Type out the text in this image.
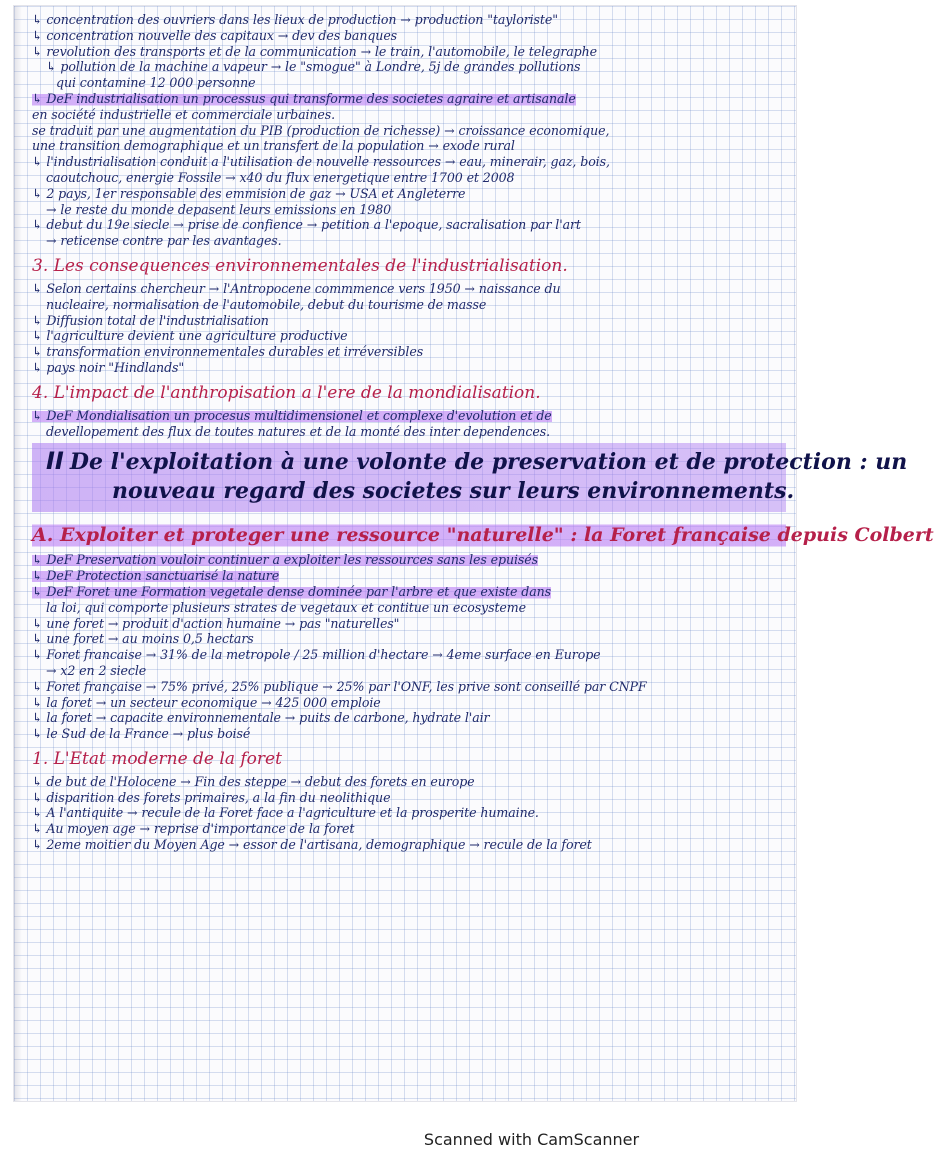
↳ concentration des ouvriers dans les lieux de production → production "tayloriste"
↳ concentration nouvelle des capitaux → dev des banques
↳ revolution des transports et de la communication → le train, l'automobile, le telegraphe
↳ pollution de la machine a vapeur → le "smogue" à Londre, 5j de grandes pollutions
qui contamine 12 000 personne
↳ DeF industrialisation un processus qui transforme des societes agraire et artisanale
en société industrielle et commerciale urbaines.
se traduit par une augmentation du PIB (production de richesse) → croissance economique,
une transition demographique et un transfert de la population → exode rural
↳ l'industrialisation conduit a l'utilisation de nouvelle ressources → eau, minerair, gaz, bois,
caoutchouc, energie Fossile → x40 du flux energetique entre 1700 et 2008
↳ 2 pays, 1er responsable des emmision de gaz → USA et Angleterre
→ le reste du monde depasent leurs emissions en 1980
↳ debut du 19e siecle → prise de confience → petition a l'epoque, sacralisation par l'art
→ reticense contre par les avantages.
3. Les consequences environnementales de l'industrialisation.
↳ Selon certains chercheur → l'Antropocene commmence vers 1950 → naissance du
nucleaire, normalisation de l'automobile, debut du tourisme de masse
↳ Diffusion total de l'industrialisation
↳ l'agriculture devient une agriculture productive
↳ transformation environnementales durables et irréversibles
↳ pays noir "Hindlands"
4. L'impact de l'anthropisation a l'ere de la mondialisation.
↳ DeF Mondialisation un procesus multidimensionel et complexe d'evolution et de
devellopement des flux de toutes natures et de la monté des inter dependences.
II De l'exploitation à une volonte de preservation et de protection : un
nouveau regard des societes sur leurs environnements.
A. Exploiter et proteger une ressource "naturelle" : la Foret française depuis Colbert
↳ DeF Preservation vouloir continuer a exploiter les ressources sans les epuisés
↳ DeF Protection sanctuarisé la nature
↳ DeF Foret une Formation vegetale dense dominée par l'arbre et que existe dans
la loi, qui comporte plusieurs strates de vegetaux et contitue un ecosysteme
↳ une foret → produit d'action humaine → pas "naturelles"
↳ une foret → au moins 0,5 hectars
↳ Foret francaise → 31% de la metropole / 25 million d'hectare → 4eme surface en Europe
→ x2 en 2 siecle
↳ Foret française → 75% privé, 25% publique → 25% par l'ONF, les prive sont conseillé par CNPF
↳ la foret → un secteur economique → 425 000 emploie
↳ la foret → capacite environnementale → puits de carbone, hydrate l'air
↳ le Sud de la France → plus boisé
1. L'Etat moderne de la foret
↳ de but de l'Holocene → Fin des steppe → debut des forets en europe
↳ disparition des forets primaires, a la fin du neolithique
↳ A l'antiquite → recule de la Foret face a l'agriculture et la prosperite humaine.
↳ Au moyen age → reprise d'importance de la foret
↳ 2eme moitier du Moyen Age → essor de l'artisana, demographique → recule de la foret
Scanned with CamScanner
